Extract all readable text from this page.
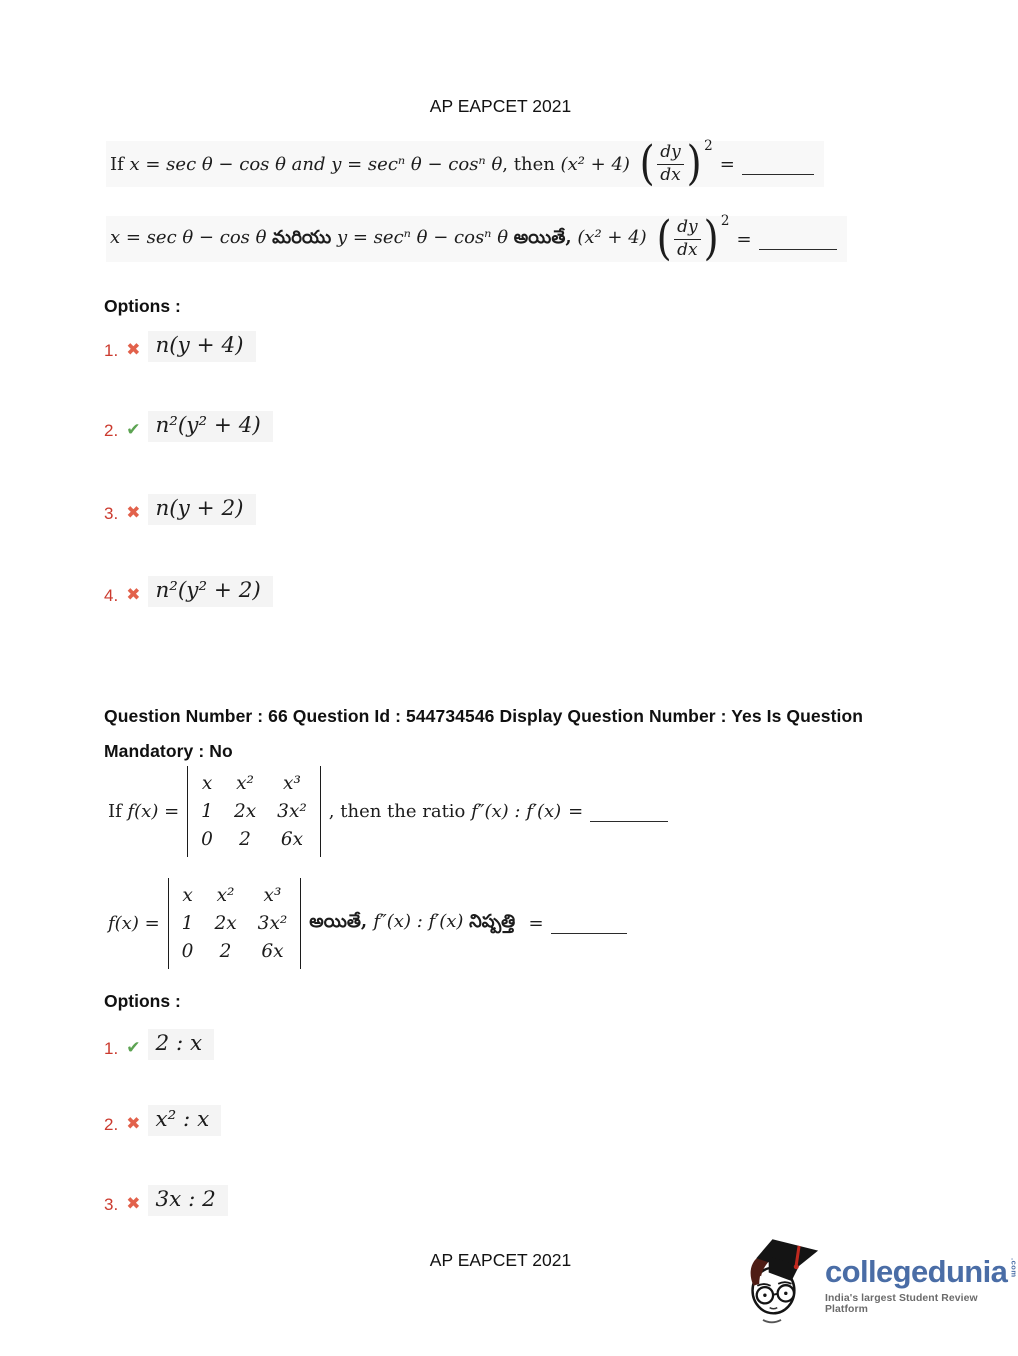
AP EAPCET 2021
If x = sec θ − cos θ and y = secⁿ θ − cosⁿ θ, then (x² + 4) ( $\frac{dy}{dx}$ ) 2
=
x = sec θ − cos θ మరియు y = secⁿ θ − cosⁿ θ అయితే, (x² + 4) ( $\frac{dy}{dx}$ ) 2
=
Options :
1. ✖ n(y + 4)
2. ✔ n²(y² + 4)
3. ✖ n(y + 2)
4. ✖ n²(y² + 2)
Question Number : 66 Question Id : 544734546 Display Question Number : Yes Is Question
Mandatory : No
If f(x) =
x x²	x³
1 2x 3x²
0 2 6x
, then the ratio f″(x) : f′(x) =
f(x) =
x x²	x³
1 2x 3x²
0 2 6x
అయితే, f″(x) : f′(x) నిష్పత్తి =
Options :
1. ✔ 2 : x
2. ✖ x² : x
3. ✖ 3x : 2
AP EAPCET 2021	collegedunia .com
India's largest Student Review Platform
